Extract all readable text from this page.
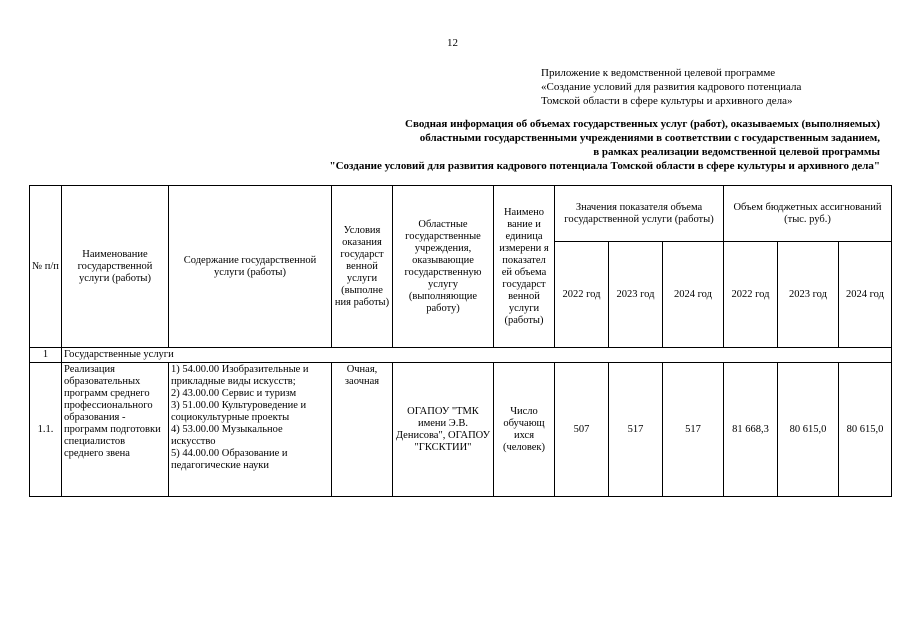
12
Приложение к ведомственной целевой программе
«Создание условий для развития кадрового потенциала
Томской области в сфере культуры и архивного дела»
Сводная информация об объемах государственных услуг (работ), оказываемых (выполняемых)
областными государственными учреждениями в соответствии с государственным заданием,
в рамках реализации ведомственной целевой программы
"Создание условий для развития кадрового потенциала Томской области в сфере культуры и архивного дела"
№ п/п	Наименование государственной услуги (работы)	Содержание государственной услуги (работы)	Условия оказания государст венной услуги (выполне ния работы)	Областные государственные учреждения, оказывающие государственную услугу (выполняющие работу)	Наимено вание и единица измерени я показател ей объема государст венной услуги (работы)	Значения показателя объема государственной услуги (работы)			Объем бюджетных ассигнований (тыс. руб.)		
						2022 год	2023 год	2024 год	2022 год	2023 год	2024 год
1	Государственные услуги										
1.1.	Реализация образовательных программ среднего профессионального образования - программ подготовки специалистов среднего звена	1) 54.00.00 Изобразительные и прикладные виды искусств;
2) 43.00.00 Сервис и туризм
3) 51.00.00 Культуроведение и социокультурные проекты
4) 53.00.00 Музыкальное искусство
5) 44.00.00 Образование и педагогические науки	Очная, заочная	ОГАПОУ "ТМК имени Э.В. Денисова", ОГАПОУ "ГКСКТИИ"	Число обучающ ихся (человек)	507	517	517	81 668,3	80 615,0	80 615,0
